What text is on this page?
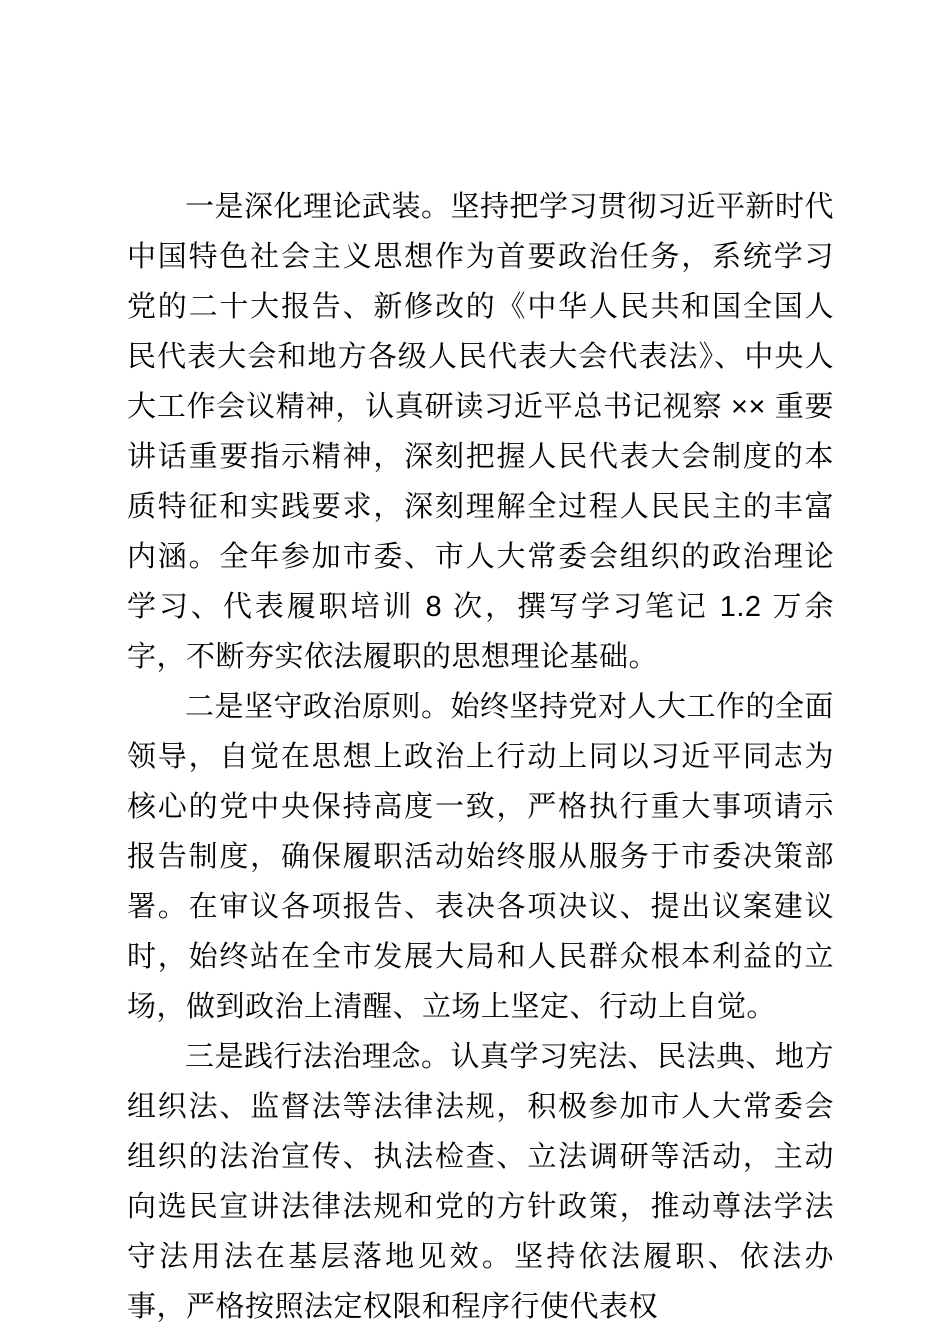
一是深化理论武装。坚持把学习贯彻习近平新时代中国特色社会主义思想作为首要政治任务，系统学习党的二十大报告、新修改的《中华人民共和国全国人民代表大会和地方各级人民代表大会代表法》、中央人大工作会议精神，认真研读习近平总书记视察 ×× 重要讲话重要指示精神，深刻把握人民代表大会制度的本质特征和实践要求，深刻理解全过程人民民主的丰富内涵。全年参加市委、市人大常委会组织的政治理论学习、代表履职培训 8 次，撰写学习笔记 1.2 万余字，不断夯实依法履职的思想理论基础。

二是坚守政治原则。始终坚持党对人大工作的全面领导，自觉在思想上政治上行动上同以习近平同志为核心的党中央保持高度一致，严格执行重大事项请示报告制度，确保履职活动始终服从服务于市委决策部署。在审议各项报告、表决各项决议、提出议案建议时，始终站在全市发展大局和人民群众根本利益的立场，做到政治上清醒、立场上坚定、行动上自觉。

三是践行法治理念。认真学习宪法、民法典、地方组织法、监督法等法律法规，积极参加市人大常委会组织的法治宣传、执法检查、立法调研等活动，主动向选民宣讲法律法规和党的方针政策，推动尊法学法守法用法在基层落地见效。坚持依法履职、依法办事，严格按照法定权限和程序行使代表权
